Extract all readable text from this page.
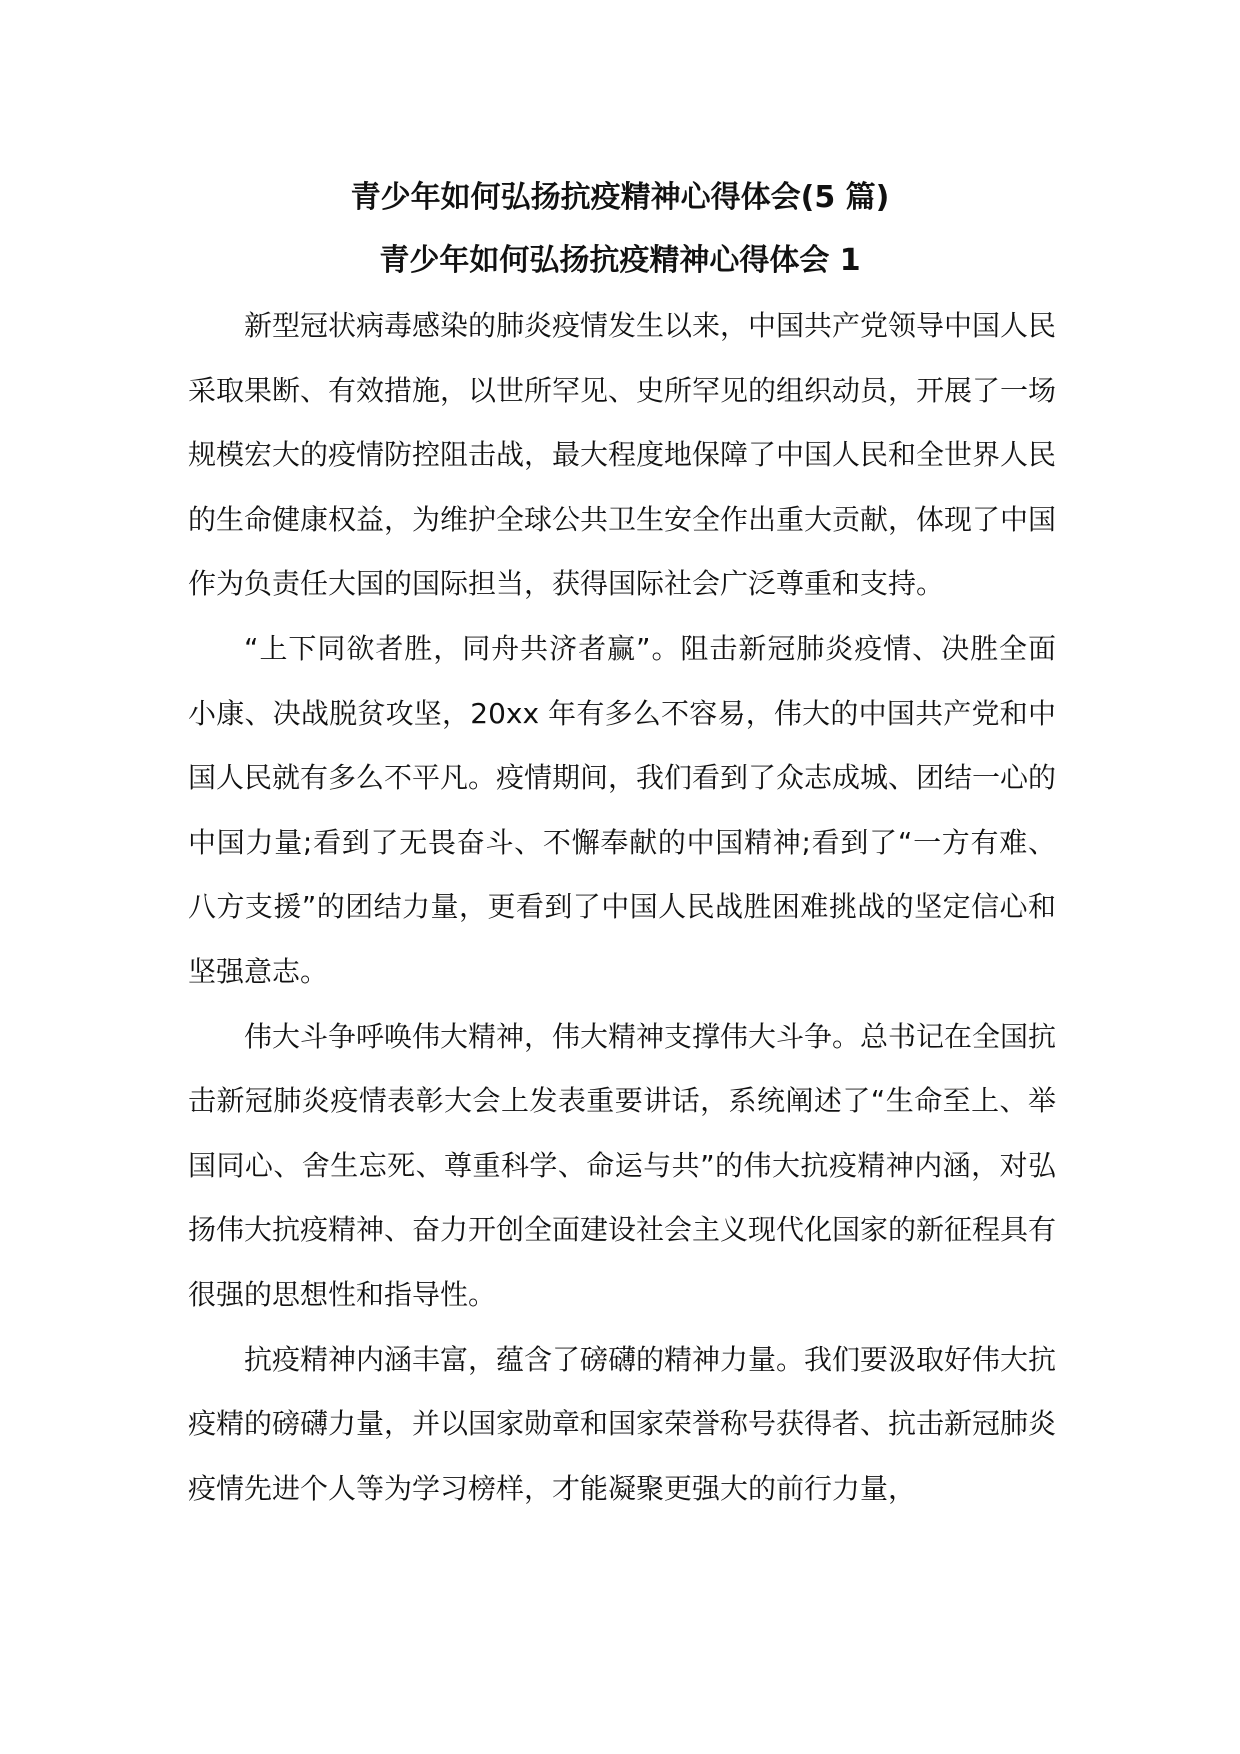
青少年如何弘扬抗疫精神心得体会(5 篇)
青少年如何弘扬抗疫精神心得体会 1

新型冠状病毒感染的肺炎疫情发生以来，中国共产党领导中国人民采取果断、有效措施，以世所罕见、史所罕见的组织动员，开展了一场规模宏大的疫情防控阻击战，最大程度地保障了中国人民和全世界人民的生命健康权益，为维护全球公共卫生安全作出重大贡献，体现了中国作为负责任大国的国际担当，获得国际社会广泛尊重和支持。

“上下同欲者胜，同舟共济者赢”。阻击新冠肺炎疫情、决胜全面小康、决战脱贫攻坚，20xx 年有多么不容易，伟大的中国共产党和中国人民就有多么不平凡。疫情期间，我们看到了众志成城、团结一心的中国力量;看到了无畏奋斗、不懈奉献的中国精神;看到了“一方有难、八方支援”的团结力量，更看到了中国人民战胜困难挑战的坚定信心和坚强意志。

伟大斗争呼唤伟大精神，伟大精神支撑伟大斗争。总书记在全国抗击新冠肺炎疫情表彰大会上发表重要讲话，系统阐述了“生命至上、举国同心、舍生忘死、尊重科学、命运与共”的伟大抗疫精神内涵，对弘扬伟大抗疫精神、奋力开创全面建设社会主义现代化国家的新征程具有很强的思想性和指导性。

抗疫精神内涵丰富，蕴含了磅礴的精神力量。我们要汲取好伟大抗疫精的磅礴力量，并以国家勋章和国家荣誉称号获得者、抗击新冠肺炎疫情先进个人等为学习榜样，才能凝聚更强大的前行力量，
